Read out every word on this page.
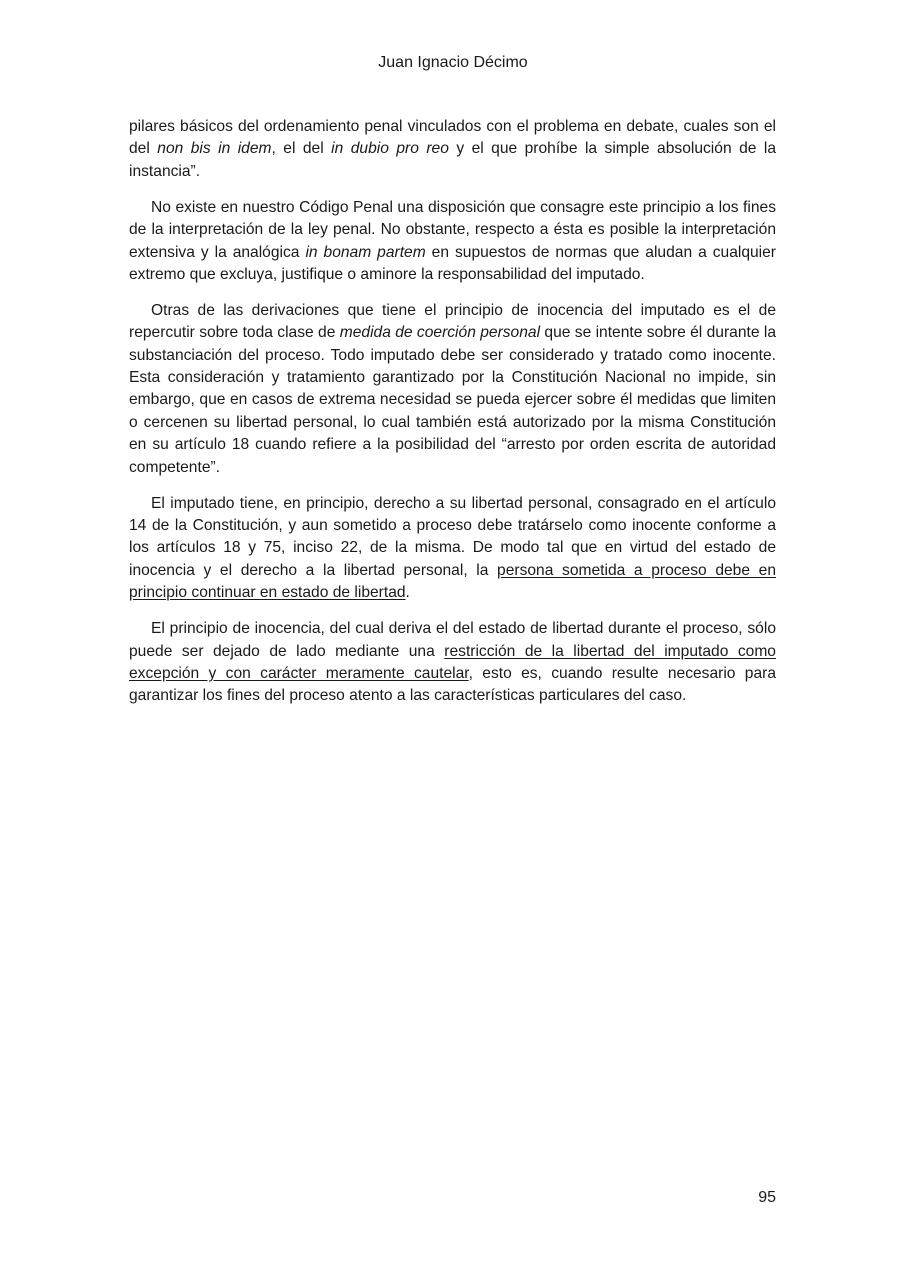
Juan Ignacio Décimo

pilares básicos del ordenamiento penal vinculados con el problema en debate, cuales son el del non bis in idem, el del in dubio pro reo y el que prohíbe la simple absolución de la instancia”.

No existe en nuestro Código Penal una disposición que consagre este principio a los fines de la interpretación de la ley penal. No obstante, respecto a ésta es posible la interpretación extensiva y la analógica in bonam partem en supuestos de normas que aludan a cualquier extremo que excluya, justifique o aminore la responsabilidad del imputado.

Otras de las derivaciones que tiene el principio de inocencia del imputado es el de repercutir sobre toda clase de medida de coerción personal que se intente sobre él durante la substanciación del proceso. Todo imputado debe ser considerado y tratado como inocente. Esta consideración y tratamiento garantizado por la Constitución Nacional no impide, sin embargo, que en casos de extrema necesidad se pueda ejercer sobre él medidas que limiten o cercenen su libertad personal, lo cual también está autorizado por la misma Constitución en su artículo 18 cuando refiere a la posibilidad del “arresto por orden escrita de autoridad competente”.

El imputado tiene, en principio, derecho a su libertad personal, consagrado en el artículo 14 de la Constitución, y aun sometido a proceso debe tratárselo como inocente conforme a los artículos 18 y 75, inciso 22, de la misma. De modo tal que en virtud del estado de inocencia y el derecho a la libertad personal, la persona sometida a proceso debe en principio continuar en estado de libertad.

El principio de inocencia, del cual deriva el del estado de libertad durante el proceso, sólo puede ser dejado de lado mediante una restricción de la libertad del imputado como excepción y con carácter meramente cautelar, esto es, cuando resulte necesario para garantizar los fines del proceso atento a las características particulares del caso.

95
